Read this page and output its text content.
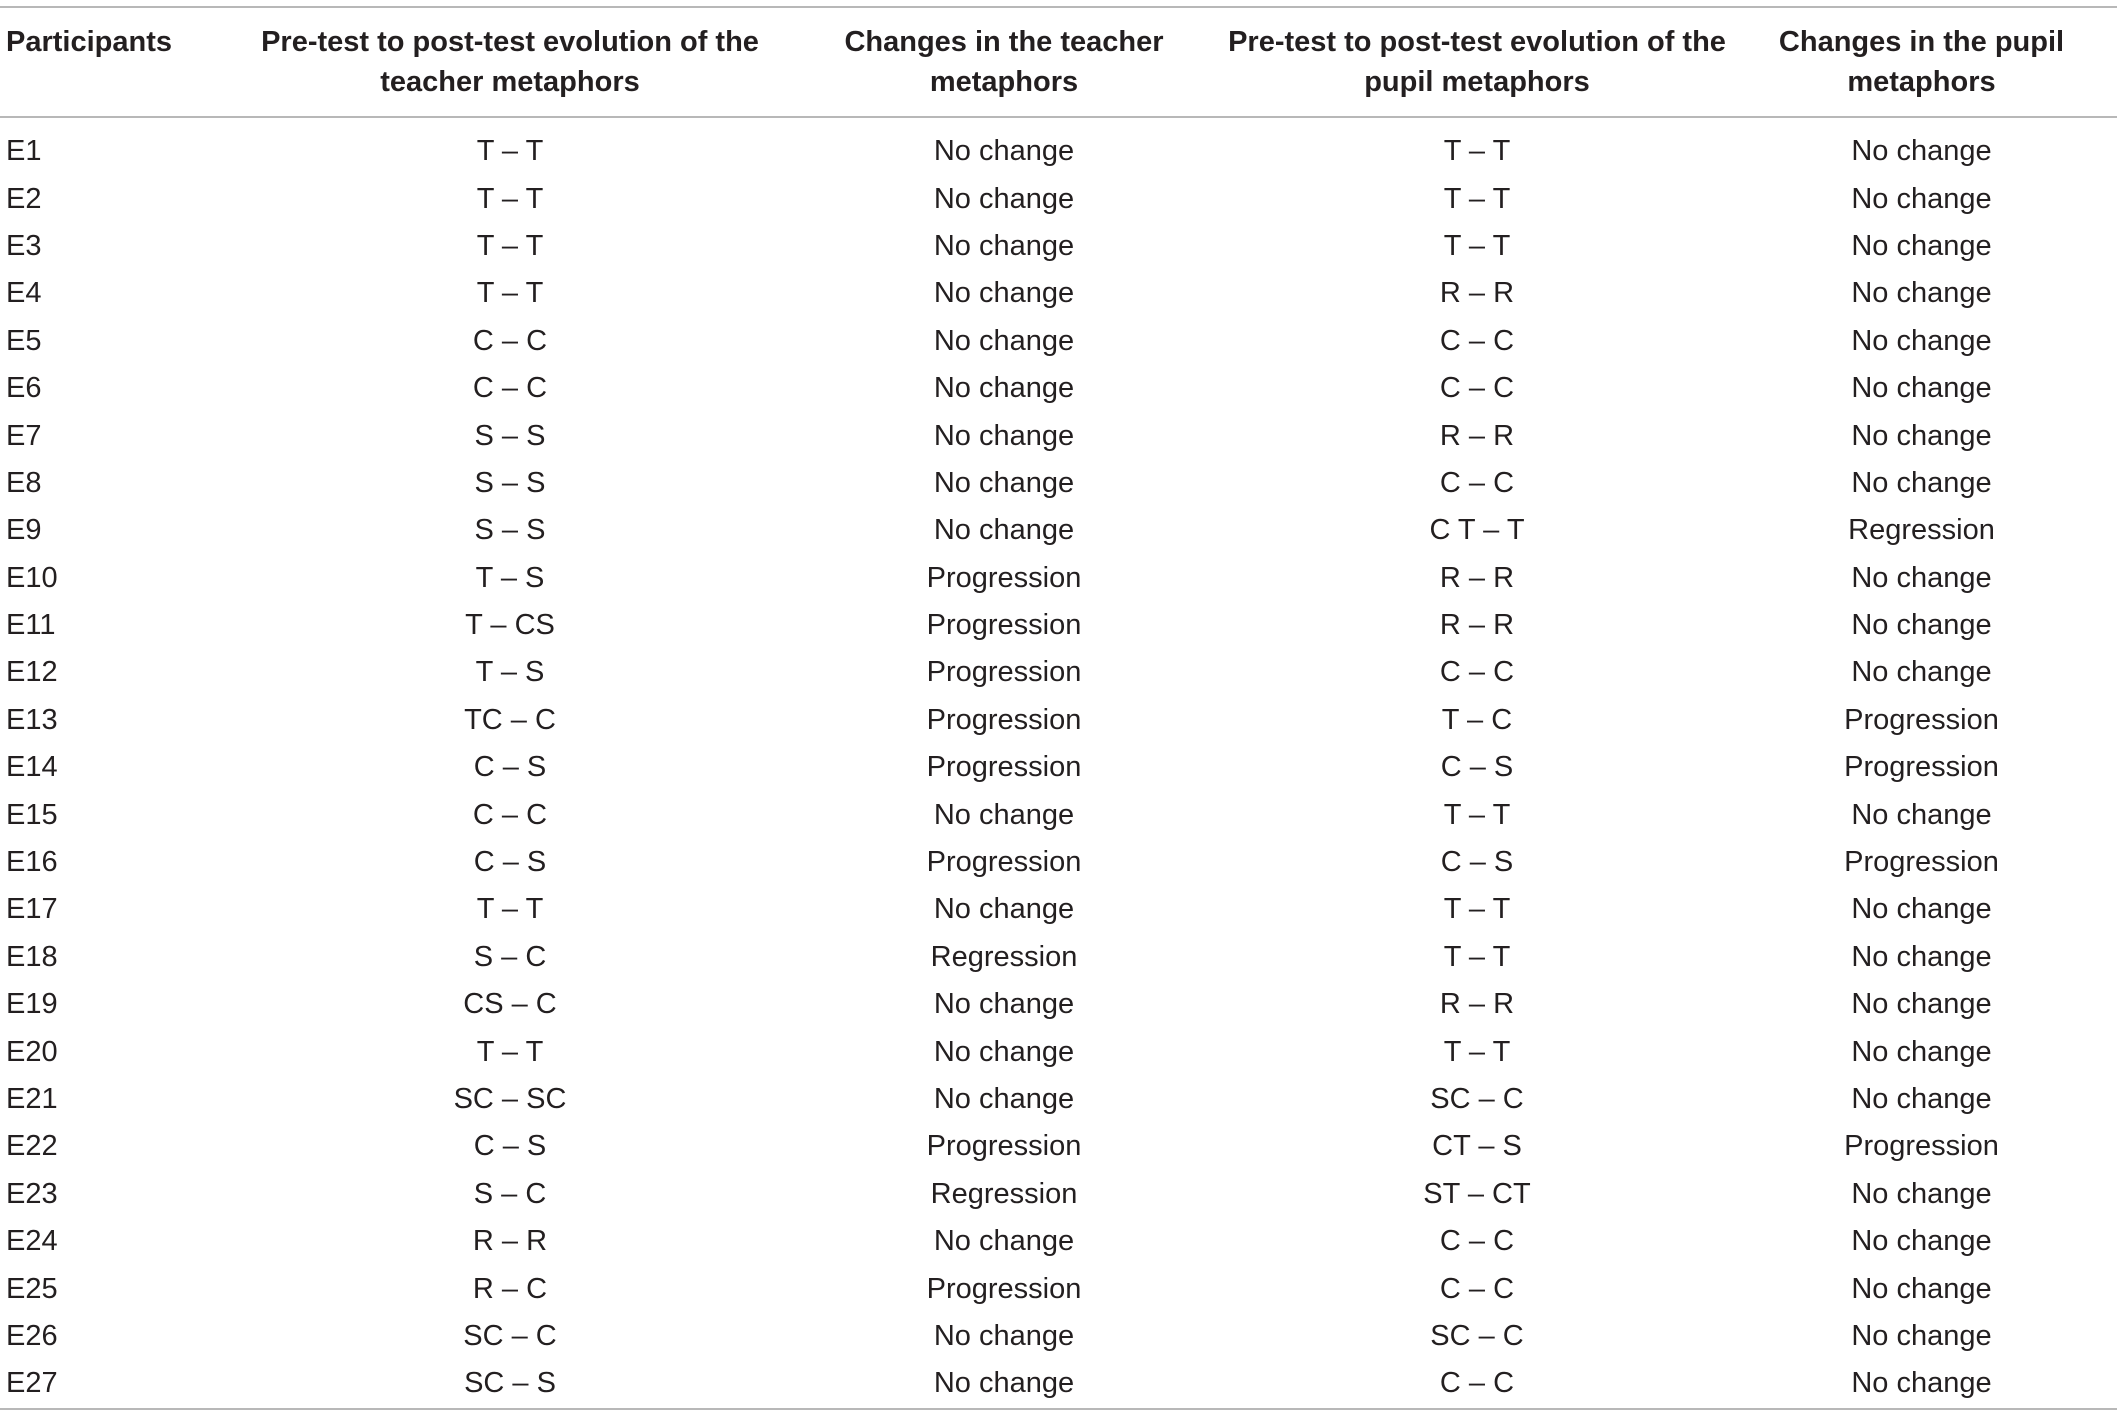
Participants	Pre-test to post-test evolution of the teacher metaphors	Changes in the teacher metaphors	Pre-test to post-test evolution of the pupil metaphors	Changes in the pupil metaphors
E1	T – T	No change	T – T	No change
E2	T – T	No change	T – T	No change
E3	T – T	No change	T – T	No change
E4	T – T	No change	R – R	No change
E5	C – C	No change	C – C	No change
E6	C – C	No change	C – C	No change
E7	S – S	No change	R – R	No change
E8	S – S	No change	C – C	No change
E9	S – S	No change	C T – T	Regression
E10	T – S	Progression	R – R	No change
E11	T – CS	Progression	R – R	No change
E12	T – S	Progression	C – C	No change
E13	TC – C	Progression	T – C	Progression
E14	C – S	Progression	C – S	Progression
E15	C – C	No change	T – T	No change
E16	C – S	Progression	C – S	Progression
E17	T – T	No change	T – T	No change
E18	S – C	Regression	T – T	No change
E19	CS – C	No change	R – R	No change
E20	T – T	No change	T – T	No change
E21	SC – SC	No change	SC – C	No change
E22	C – S	Progression	CT – S	Progression
E23	S – C	Regression	ST – CT	No change
E24	R – R	No change	C – C	No change
E25	R – C	Progression	C – C	No change
E26	SC – C	No change	SC – C	No change
E27	SC – S	No change	C – C	No change
